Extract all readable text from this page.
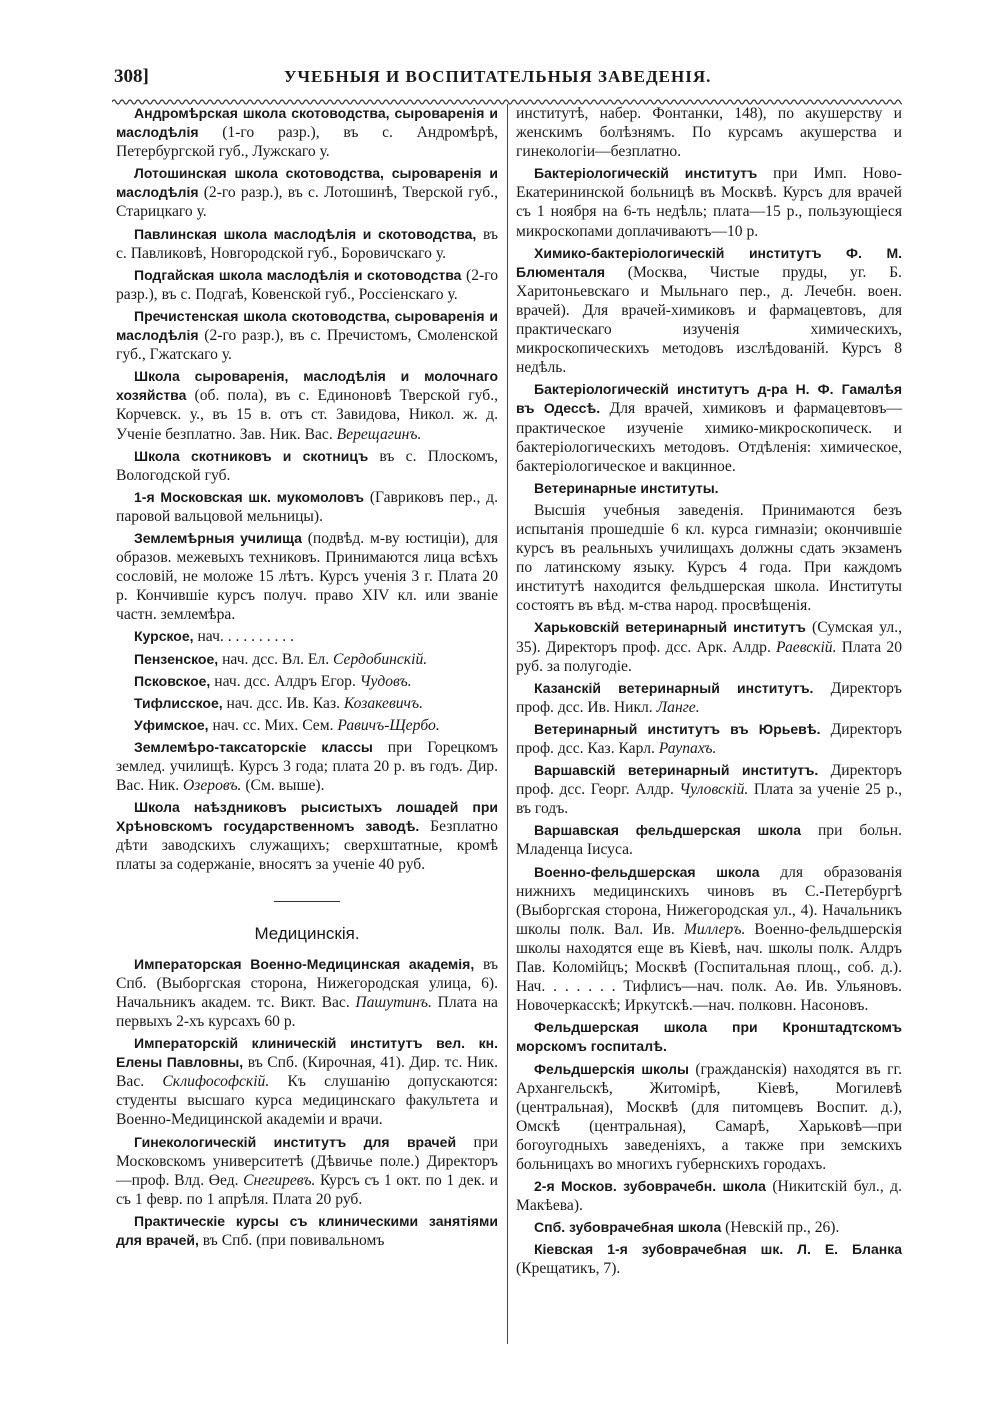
308]	УЧЕБНЫЯ И ВОСПИТАТЕЛЬНЫЯ ЗАВЕДЕНІЯ.
Андромѣрская школа скотоводства, сыроваренія и маслодѣлія (1-го разр.), въ с. Андромѣрѣ, Петербургской губ., Лужскаго у.
Лотошинская школа скотоводства, сыроваренія и маслодѣлія (2-го разр.), въ с. Лотошинѣ, Тверской губ., Старицкаго у.
Павлинская школа маслодѣлія и скотоводства, въ с. Павликовѣ, Новгородской губ., Боровичскаго у.
Подгайская школа маслодѣлія и скотоводства (2-го разр.), въ с. Подгаѣ, Ковенской губ., Россіенскаго у.
Пречистенская школа скотоводства, сыроваренія и маслодѣлія (2-го разр.), въ с. Пречистомъ, Смоленской губ., Гжатскаго у.
Школа сыроваренія, маслодѣлія и молочнаго хозяйства (об. пола), въ с. Единоновѣ Тверской губ., Корчевск. у., въ 15 в. отъ ст. Завидова, Никол. ж. д. Ученіе безплатно. Зав. Ник. Вас. Верещагинъ.
Школа скотниковъ и скотницъ въ с. Плоскомъ, Вологодской губ.
1-я Московская шк. мукомоловъ (Гавриковъ пер., д. паровой вальцовой мельницы).
Землемѣрныя училища (подвѣд. м-ву юстиціи), для образов. межевыхъ техниковъ. Принимаются лица всѣхъ сословій, не моложе 15 лѣтъ. Курсъ ученія 3 г. Плата 20 р. Кончившіе курсъ получ. право XIV кл. или званіе частн. землемѣра.
Курское, нач. . . . . . . . . .
Пензенское, нач. дсс. Вл. Ел. Сердобинскій.
Псковское, нач. дсс. Алдръ Егор. Чудовъ.
Тифлисское, нач. дсс. Ив. Каз. Козакевичъ.
Уфимское, нач. сс. Мих. Сем. Равичъ-Щербо.
Землемѣро-таксаторскіе классы при Горецкомъ землед. училищѣ. Курсъ 3 года; плата 20 р. въ годъ. Дир. Вас. Ник. Озеровъ. (См. выше).
Школа наѣздниковъ рысистыхъ лошадей при Хрѣновскомъ государственномъ заводѣ. Безплатно дѣти заводскихъ служащихъ; сверхштатные, кромѣ платы за содержаніе, вносятъ за ученіе 40 руб.
Медицинскія.
Императорская Военно-Медицинская академія, въ Спб. (Выборгская сторона, Нижегородская улица, 6). Начальникъ академ. тс. Викт. Вас. Пашутинъ. Плата на первыхъ 2-хъ курсахъ 60 р.
Императорскій клиническій институтъ вел. кн. Елены Павловны, въ Спб. (Кирочная, 41). Дир. тс. Ник. Вас. Склифософскій. Къ слушанію допускаются: студенты высшаго курса медицинскаго факультета и Военно-Медицинской академіи и врачи.
Гинекологическій институтъ для врачей при Московскомъ университетѣ (Дѣвичье поле.) Директоръ—проф. Влд. Өед. Снегиревъ. Курсъ съ 1 окт. по 1 дек. и съ 1 февр. по 1 апрѣля. Плата 20 руб.
Практическіе курсы съ клиническими занятіями для врачей, въ Спб. (при повивальномъ
институтѣ, набер. Фонтанки, 148), по акушерству и женскимъ болѣзнямъ. По курсамъ акушерства и гинекологіи—безплатно.
Бактеріологическій институтъ при Имп. Ново-Екатерининской больницѣ въ Москвѣ. Курсъ для врачей съ 1 ноября на 6-ть недѣль; плата—15 р., пользующіеся микроскопами доплачиваютъ—10 р.
Химико-бактеріологическій институтъ Ф. М. Блюменталя (Москва, Чистые пруды, уг. Б. Харитоньевскаго и Мыльнаго пер., д. Лечебн. воен. врачей). Для врачей-химиковъ и фармацевтовъ, для практическаго изученія химическихъ, микроскопическихъ методовъ изслѣдованій. Курсъ 8 недѣль.
Бактеріологическій институтъ д-ра Н. Ф. Гамалѣя въ Одессѣ. Для врачей, химиковъ и фармацевтовъ—практическое изученіе химико-микроскопическ. и бактеріологическихъ методовъ. Отдѣленія: химическое, бактеріологическое и вакцинное.
Ветеринарные институты.
Высшія учебныя заведенія. Принимаются безъ испытанія прошедшіе 6 кл. курса гимназіи; окончившіе курсъ въ реальныхъ училищахъ должны сдать экзаменъ по латинскому языку. Курсъ 4 года. При каждомъ институтѣ находится фельдшерская школа. Институты состоятъ въ вѣд. м-ства народ. просвѣщенія.
Харьковскій ветеринарный институтъ (Сумская ул., 35). Директоръ проф. дсс. Арк. Алдр. Раевскій. Плата 20 руб. за полугодіе.
Казанскій ветеринарный институтъ. Директоръ проф. дсс. Ив. Никл. Ланге.
Ветеринарный институтъ въ Юрьевѣ. Директоръ проф. дсс. Каз. Карл. Раупахъ.
Варшавскій ветеринарный институтъ. Директоръ проф. дсс. Георг. Алдр. Чуловскій. Плата за ученіе 25 р., въ годъ.
Варшавская фельдшерская школа при больн. Младенца Іисуса.
Военно-фельдшерская школа для образованія нижнихъ медицинскихъ чиновъ въ С.-Петербургѣ (Выборгская сторона, Нижегородская ул., 4). Начальникъ школы полк. Вал. Ив. Миллеръ. Военно-фельдшерскія школы находятся еще въ Кіевѣ, нач. школы полк. Алдръ Пав. Коломійцъ; Москвѣ (Госпитальная площ., соб. д.). Нач. . . . . . . Тифлисъ—нач. полк. Аө. Ив. Ульяновъ. Новочеркасскѣ; Иркутскѣ.—нач. полковн. Насоновъ.
Фельдшерская школа при Кронштадтскомъ морскомъ госпиталѣ.
Фельдшерскія школы (гражданскія) находятся въ гг. Архангельскѣ, Житомірѣ, Кіевѣ, Могилевѣ (центральная), Москвѣ (для питомцевъ Воспит. д.), Омскѣ (центральная), Самарѣ, Харьковѣ—при богоугодныхъ заведеніяхъ, а также при земскихъ больницахъ во многихъ губернскихъ городахъ.
2-я Москов. зубоврачебн. школа (Никитскій бул., д. Макѣева).
Спб. зубоврачебная школа (Невскій пр., 26).
Кіевская 1-я зубоврачебная шк. Л. Е. Бланка (Крещатикъ, 7).
